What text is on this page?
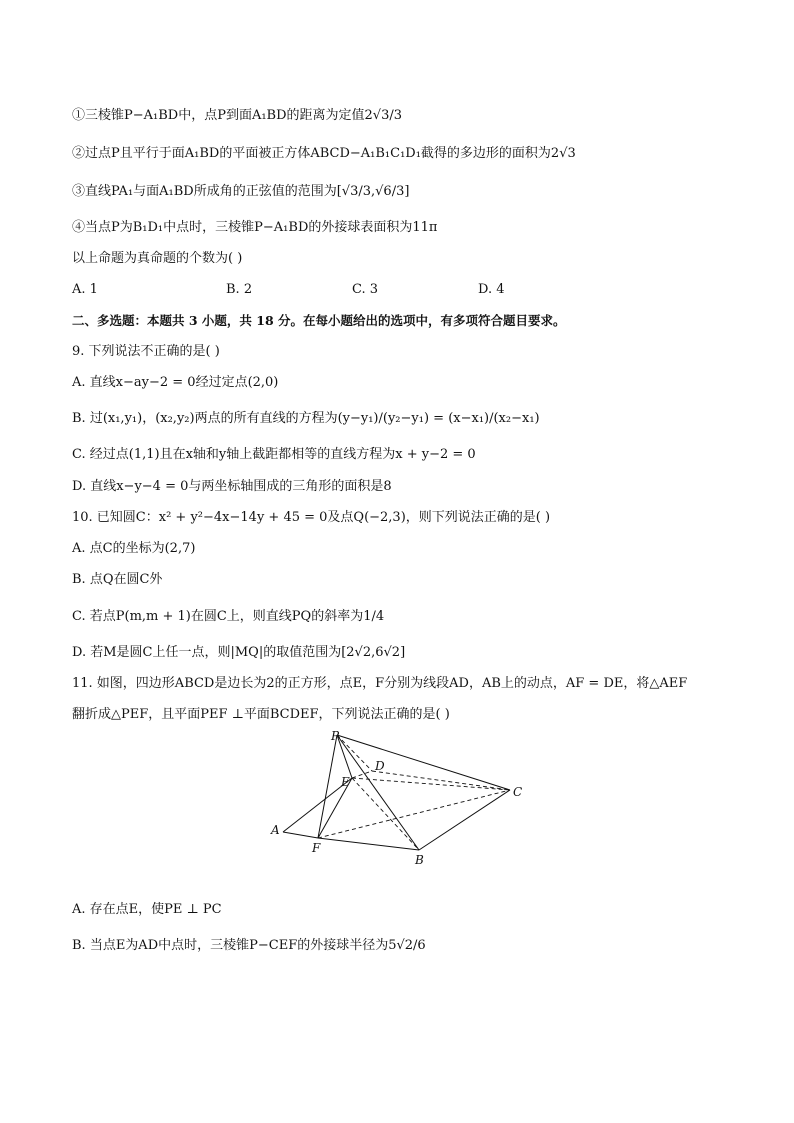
①三棱锥P−A₁BD中，点P到面A₁BD的距离为定值2√3/3
②过点P且平行于面A₁BD的平面被正方体ABCD−A₁B₁C₁D₁截得的多边形的面积为2√3
③直线PA₁与面A₁BD所成角的正弦值的范围为[√3/3,√6/3]
④当点P为B₁D₁中点时，三棱锥P−A₁BD的外接球表面积为11π
以上命题为真命题的个数为( )
A. 1	B. 2	C. 3	D. 4
二、多选题：本题共 3 小题，共 18 分。在每小题给出的选项中，有多项符合题目要求。
9. 下列说法不正确的是( )
A. 直线x−ay−2 = 0经过定点(2,0)
B. 过(x₁,y₁)，(x₂,y₂)两点的所有直线的方程为(y−y₁)/(y₂−y₁) = (x−x₁)/(x₂−x₁)
C. 经过点(1,1)且在x轴和y轴上截距都相等的直线方程为x + y−2 = 0
D. 直线x−y−4 = 0与两坐标轴围成的三角形的面积是8
10. 已知圆C：x² + y²−4x−14y + 45 = 0及点Q(−2,3)，则下列说法正确的是( )
A. 点C的坐标为(2,7)
B. 点Q在圆C外
C. 若点P(m,m + 1)在圆C上，则直线PQ的斜率为1/4
D. 若M是圆C上任一点，则|MQ|的取值范围为[2√2,6√2]
11. 如图，四边形ABCD是边长为2的正方形，点E，F分别为线段AD，AB上的动点，AF = DE，将△AEF
翻折成△PEF，且平面PEF ⊥平面BCDEF，下列说法正确的是( )
P
D
E
C
A
F
B
A. 存在点E，使PE ⊥ PC
B. 当点E为AD中点时，三棱锥P−CEF的外接球半径为5√2/6
